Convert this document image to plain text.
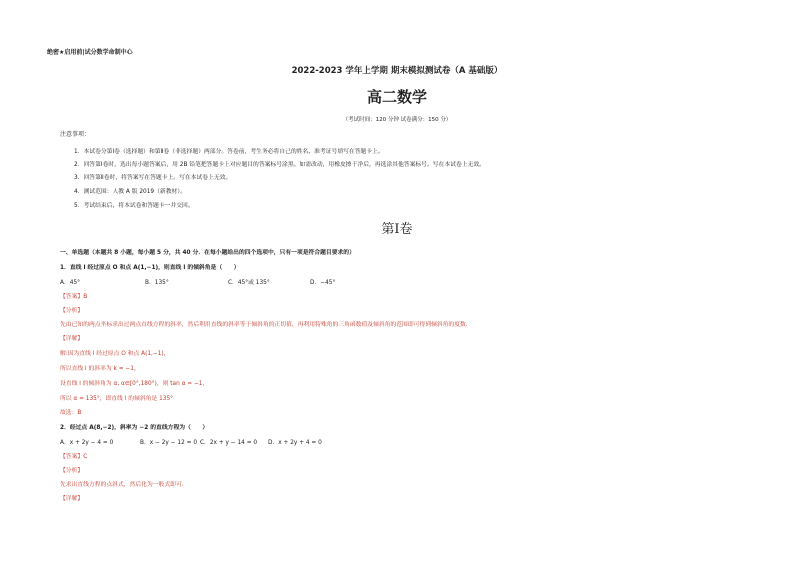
绝密★启用前|试分数学命制中心
2022-2023 学年上学期 期末模拟测试卷（A 基础版）
高二数学
（考试时间：120 分钟 试卷满分：150 分）
注意事项：
1．本试卷分第Ⅰ卷（选择题）和第Ⅱ卷（非选择题）两部分。答卷前，考生务必将自己的姓名、准考证号填写在答题卡上。
2．回答第Ⅰ卷时，选出每小题答案后，用 2B 铅笔把答题卡上对应题目的答案标号涂黑。如需改动，用橡皮擦干净后，再选涂其他答案标号。写在本试卷上无效。
3．回答第Ⅱ卷时，将答案写在答题卡上。写在本试卷上无效。
4．测试范围：人教 A 版 2019（新教材）。
5．考试结束后，将本试卷和答题卡一并交回。
第Ⅰ卷
一、单选题（本题共 8 小题，每小题 5 分，共 40 分．在每小题给出的四个选项中，只有一项是符合题目要求的）
1．直线 l 经过原点 O 和点 A(1,−1)，则直线 l 的倾斜角是（　　）
A．45°	B．135°	C．45°或 135°	D．−45°
【答案】B
【分析】
先由已知的两点坐标求出过两点直线方程的斜率，然后利用直线的斜率等于倾斜角的正切值，再利用特殊角的三角函数值及倾斜角的范围即可得到倾斜角的度数.
【详解】
解:因为直线 l 经过原点 O 和点 A(1,−1)，
所以直线 l 的斜率为 k = −1，
设直线 l 的倾斜角为 α, α∈[0°,180°)，则 tan α = −1，
所以 α = 135°，即直线 l 的倾斜角是 135°
故选：B
2．经过点 A(8,−2)，斜率为 −2 的直线方程为（　　）
A．x + 2y − 4 = 0	B．x − 2y − 12 = 0 C．2x + y − 14 = 0 D．x + 2y + 4 = 0
【答案】C
【分析】
先求出直线方程的点斜式，然后化为一般式即可.
【详解】
